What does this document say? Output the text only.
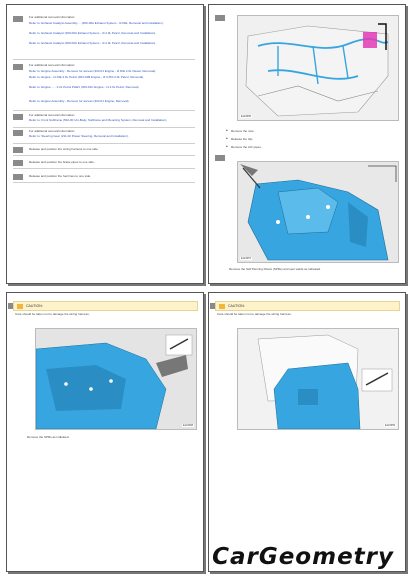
For additional removal information:
Refer to: Exhaust Catalyst Assembly ... (309-00A Exhaust System - I4 DIE, Removal and Installation).
Refer to: Exhaust Catalyst (309-00A Exhaust System - I4 2.0L Petrol, Removal and Installation).
Refer to: Exhaust Catalyst (309-00A Exhaust System - I4 2.0L Petrol, Removal and Installation).
For additional removal information:
Refer to: Engine Assembly - Remove for access (303-01 Engine - I4 DIE 2.0L Diesel, Removal).
Refer to: Engine - I4 DIE 2.0L Petrol (303-01B Engine - I4 GTDI 2.0L Petrol, Removal).
Refer to: Engine - ... 2.0L Petrol PHEV (303-01C Engine - I4 2.0L Petrol, Removal).
Refer to: Engine Assembly - Remove for access (303-01 Engine, Removal).
For additional removal information:
Refer to: Front Subframe (502-00 Uni-Body, Subframe and Mounting System, Removal and Installation).
For additional removal information:
Refer to: Steering Gear (211-02 Power Steering, Removal and Installation).
Release and position the wiring harness to one side.
Release and position the brake pipes to one side.
Release and position the fuel lines to one side.
E123456
■ Remove the nuts.
■ Release the clip.
■ Remove the A/C pipes.
E123457
Remove the Self Piercing Rivets (SPRs) and spot welds as indicated.
CAUTION:
Care should be taken not to damage the wiring harness.
E123458
Remove the SPRs as indicated.
CAUTION:
Care should be taken not to damage the wiring harness.
E123459
CarGeometry
